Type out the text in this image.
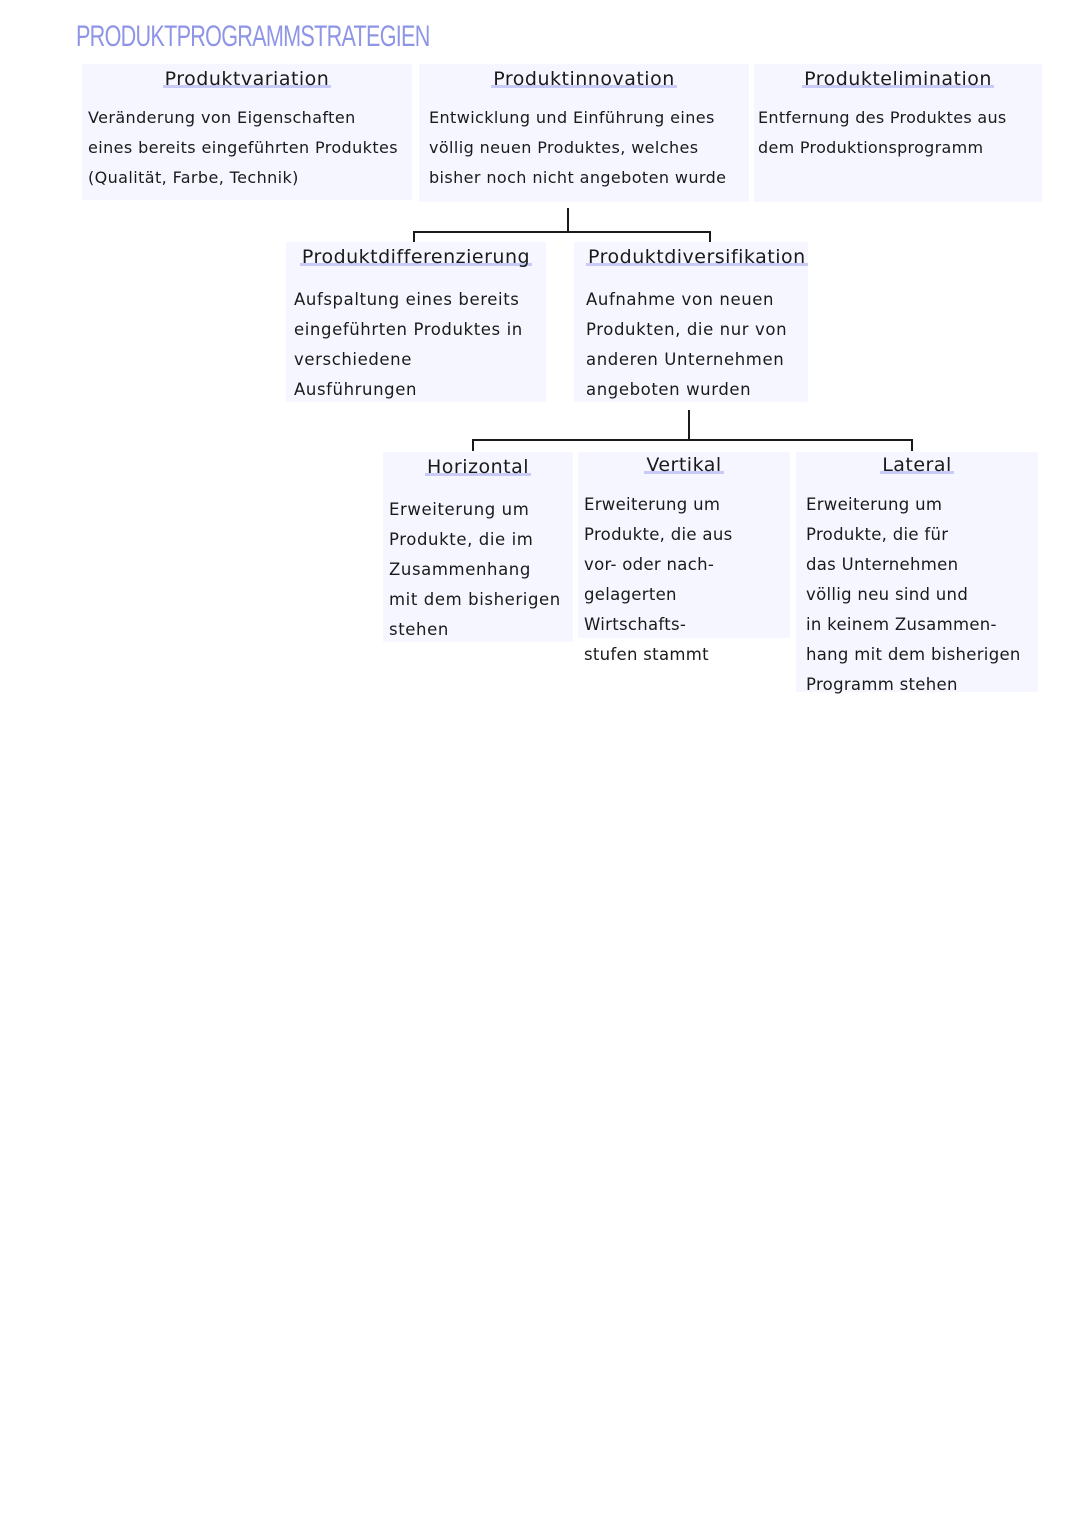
PRODUKTPROGRAMMSTRATEGIEN
Produktvariation

Veränderung von Eigenschaften
eines bereits eingeführten Produktes
(Qualität, Farbe, Technik)

Produktinnovation

Entwicklung und Einführung eines
völlig neuen Produktes, welches
bisher noch nicht angeboten wurde

Produktelimination

Entfernung des Produktes aus
dem Produktionsprogramm

Produktdifferenzierung

Aufspaltung eines bereits
eingeführten Produktes in
verschiedene Ausführungen

Produktdiversifikation

Aufnahme von neuen
Produkten, die nur von
anderen Unternehmen
angeboten wurden

Horizontal

Erweiterung um
Produkte, die im
Zusammenhang
mit dem bisherigen
stehen

Vertikal

Erweiterung um
Produkte, die aus
vor- oder nach-
gelagerten Wirtschafts-
stufen stammt

Lateral

Erweiterung um
Produkte, die für
das Unternehmen
völlig neu sind und
in keinem Zusammen-
hang mit dem bisherigen
Programm stehen
